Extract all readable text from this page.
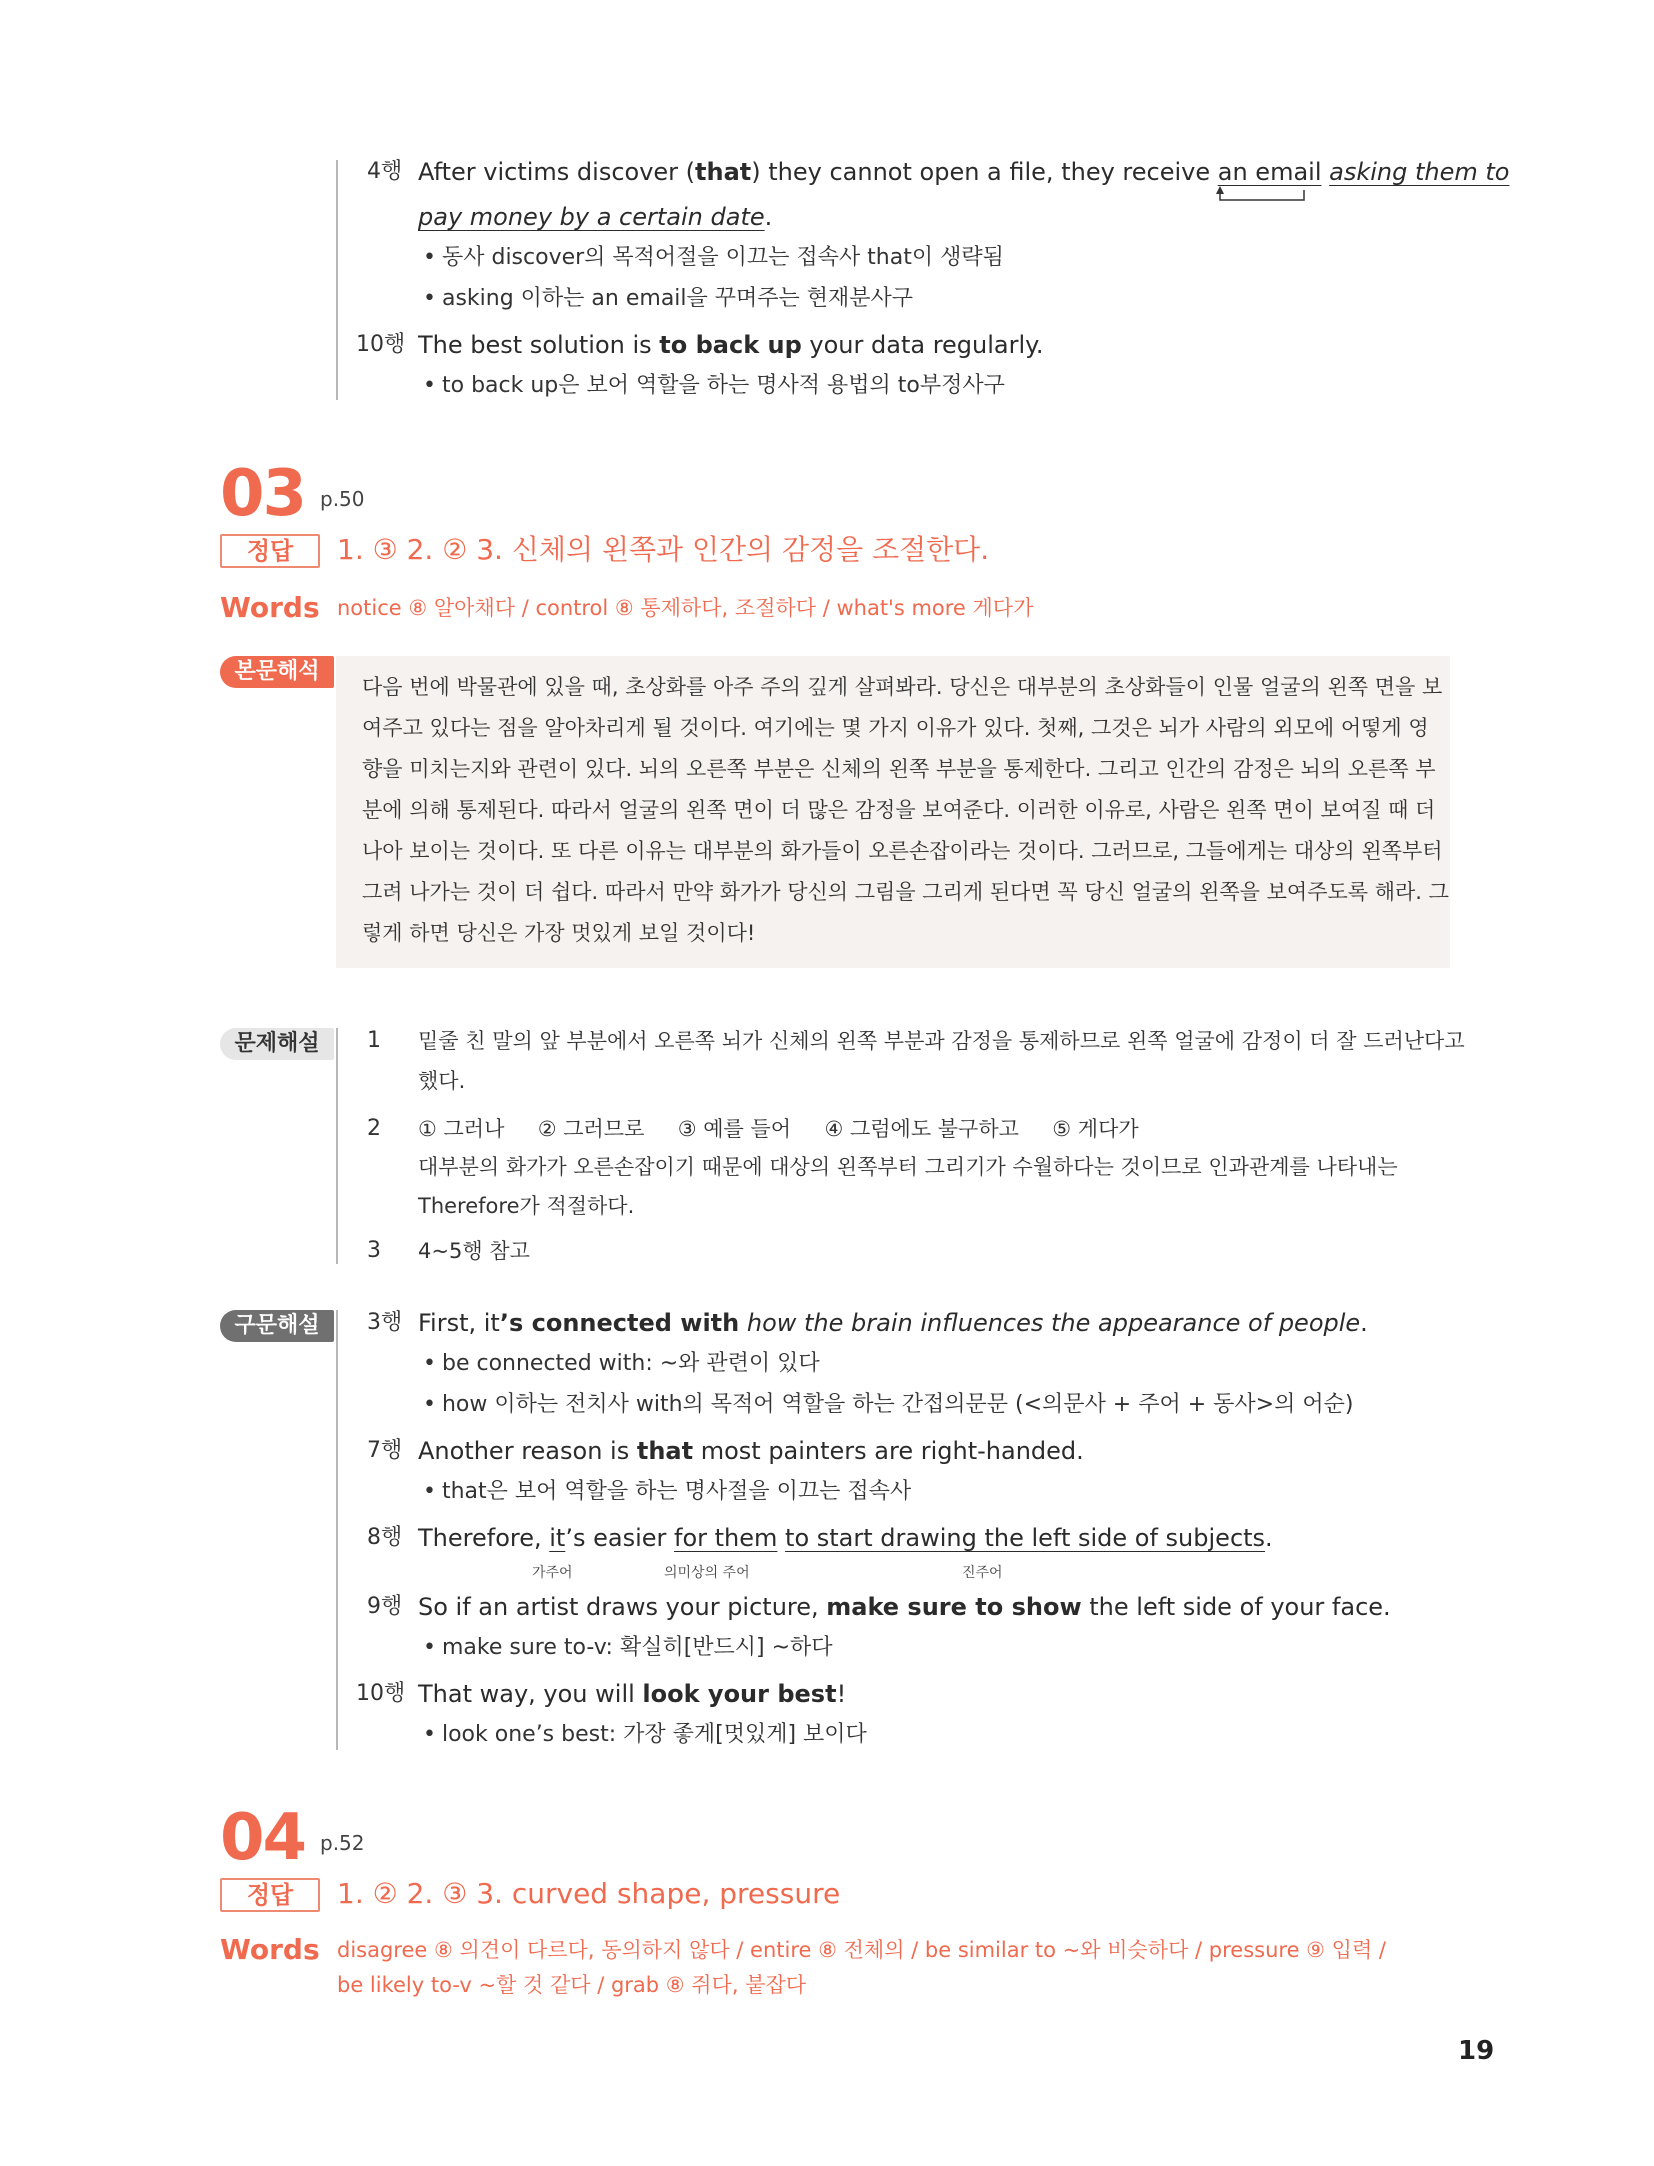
4행 After victims discover (that) they cannot open a file, they receive an email asking them to
pay money by a certain date.
• 동사 discover의 목적어절을 이끄는 접속사 that이 생략됨
• asking 이하는 an email을 꾸며주는 현재분사구
10행 The best solution is to back up your data regularly.
• to back up은 보어 역할을 하는 명사적 용법의 to부정사구
03 p.50
정답	1. ③ 2. ② 3. 신체의 왼쪽과 인간의 감정을 조절한다.
Words notice ⑧ 알아채다 / control ⑧ 통제하다, 조절하다 / what's more 게다가
본문해석
다음 번에 박물관에 있을 때, 초상화를 아주 주의 깊게 살펴봐라. 당신은 대부분의 초상화들이 인물 얼굴의 왼쪽 면을 보
여주고 있다는 점을 알아차리게 될 것이다. 여기에는 몇 가지 이유가 있다. 첫째, 그것은 뇌가 사람의 외모에 어떻게 영
향을 미치는지와 관련이 있다. 뇌의 오른쪽 부분은 신체의 왼쪽 부분을 통제한다. 그리고 인간의 감정은 뇌의 오른쪽 부
분에 의해 통제된다. 따라서 얼굴의 왼쪽 면이 더 많은 감정을 보여준다. 이러한 이유로, 사람은 왼쪽 면이 보여질 때 더
나아 보이는 것이다. 또 다른 이유는 대부분의 화가들이 오른손잡이라는 것이다. 그러므로, 그들에게는 대상의 왼쪽부터
그려 나가는 것이 더 쉽다. 따라서 만약 화가가 당신의 그림을 그리게 된다면 꼭 당신 얼굴의 왼쪽을 보여주도록 해라. 그
렇게 하면 당신은 가장 멋있게 보일 것이다!
문제해설	1 밑줄 친 말의 앞 부분에서 오른쪽 뇌가 신체의 왼쪽 부분과 감정을 통제하므로 왼쪽 얼굴에 감정이 더 잘 드러난다고
했다.
2 ① 그러나     ② 그러므로     ③ 예를 들어     ④ 그럼에도 불구하고     ⑤ 게다가
대부분의 화가가 오른손잡이기 때문에 대상의 왼쪽부터 그리기가 수월하다는 것이므로 인과관계를 나타내는
Therefore가 적절하다.
3 4~5행 참고
구문해설	3행 First, it’s connected with how the brain influences the appearance of people.
• be connected with: ~와 관련이 있다
• how 이하는 전치사 with의 목적어 역할을 하는 간접의문문 (<의문사 + 주어 + 동사>의 어순)
7행 Another reason is that most painters are right-handed.
• that은 보어 역할을 하는 명사절을 이끄는 접속사
8행 Therefore, it’s easier for them to start drawing the left side of subjects.
가주어	의미상의 주어	진주어
9행 So if an artist draws your picture, make sure to show the left side of your face.
• make sure to-v: 확실히[반드시] ~하다
10행 That way, you will look your best!
• look one’s best: 가장 좋게[멋있게] 보이다
04 p.52
정답	1. ② 2. ③ 3. curved shape, pressure
Words disagree ⑧ 의견이 다르다, 동의하지 않다 / entire ⑧ 전체의 / be similar to ~와 비슷하다 / pressure ⑨ 입력 /
be likely to-v ~할 것 같다 / grab ⑧ 쥐다, 붙잡다
19
